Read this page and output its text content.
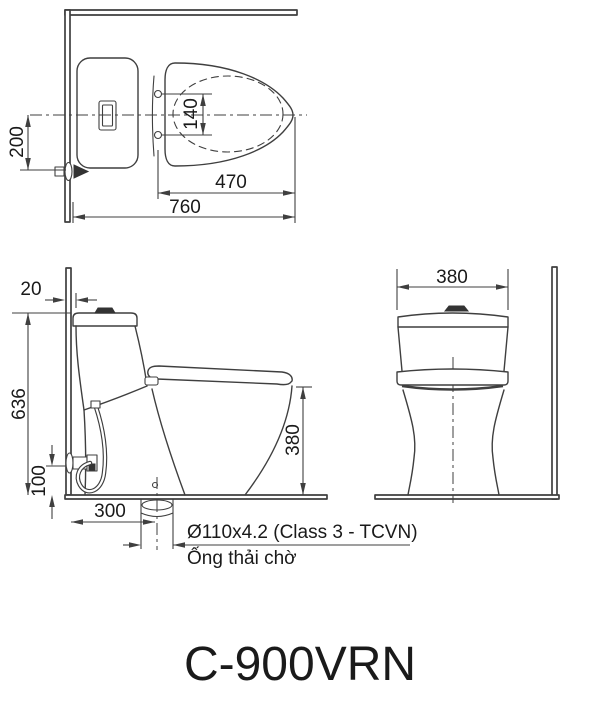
200
140
470
760
20
636
100
300
Ø110x4.2 (Class 3 - TCVN)
Ống thải chờ
380
380
C-900VRN
